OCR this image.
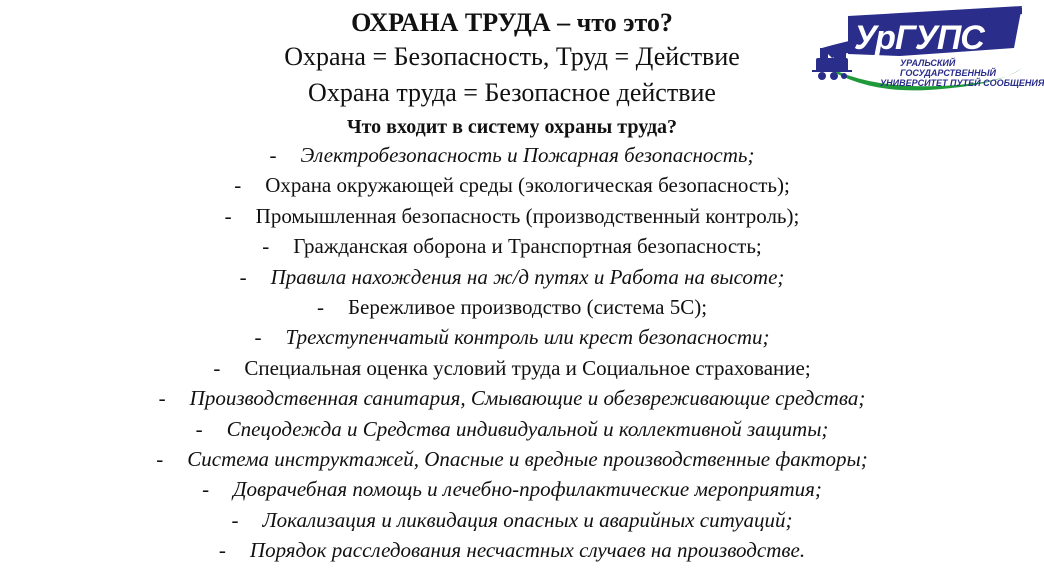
ОХРАНА ТРУДА – что это?
Охрана = Безопасность, Труд = Действие
Охрана труда = Безопасное действие
Что входит в систему охраны труда?
- Электробезопасность и Пожарная безопасность;
- Охрана окружающей среды (экологическая безопасность);
- Промышленная безопасность (производственный контроль);
- Гражданская оборона и Транспортная безопасность;
- Правила нахождения на ж/д путях и Работа на высоте;
- Бережливое производство (система 5С);
- Трехступенчатый контроль или крест безопасности;
- Специальная оценка условий труда и Социальное страхование;
- Производственная санитария, Смывающие и обезвреживающие средства;
- Спецодежда и Средства индивидуальной и коллективной защиты;
- Система инструктажей, Опасные и вредные производственные факторы;
- Доврачебная помощь и лечебно-профилактические мероприятия;
- Локализация и ликвидация опасных и аварийных ситуаций;
- Порядок расследования несчастных случаев на производстве.
УрГУПС
УРАЛЬСКИЙ
ГОСУДАРСТВЕННЫЙ
УНИВЕРСИТЕТ ПУТЕЙ СООБЩЕНИЯ
